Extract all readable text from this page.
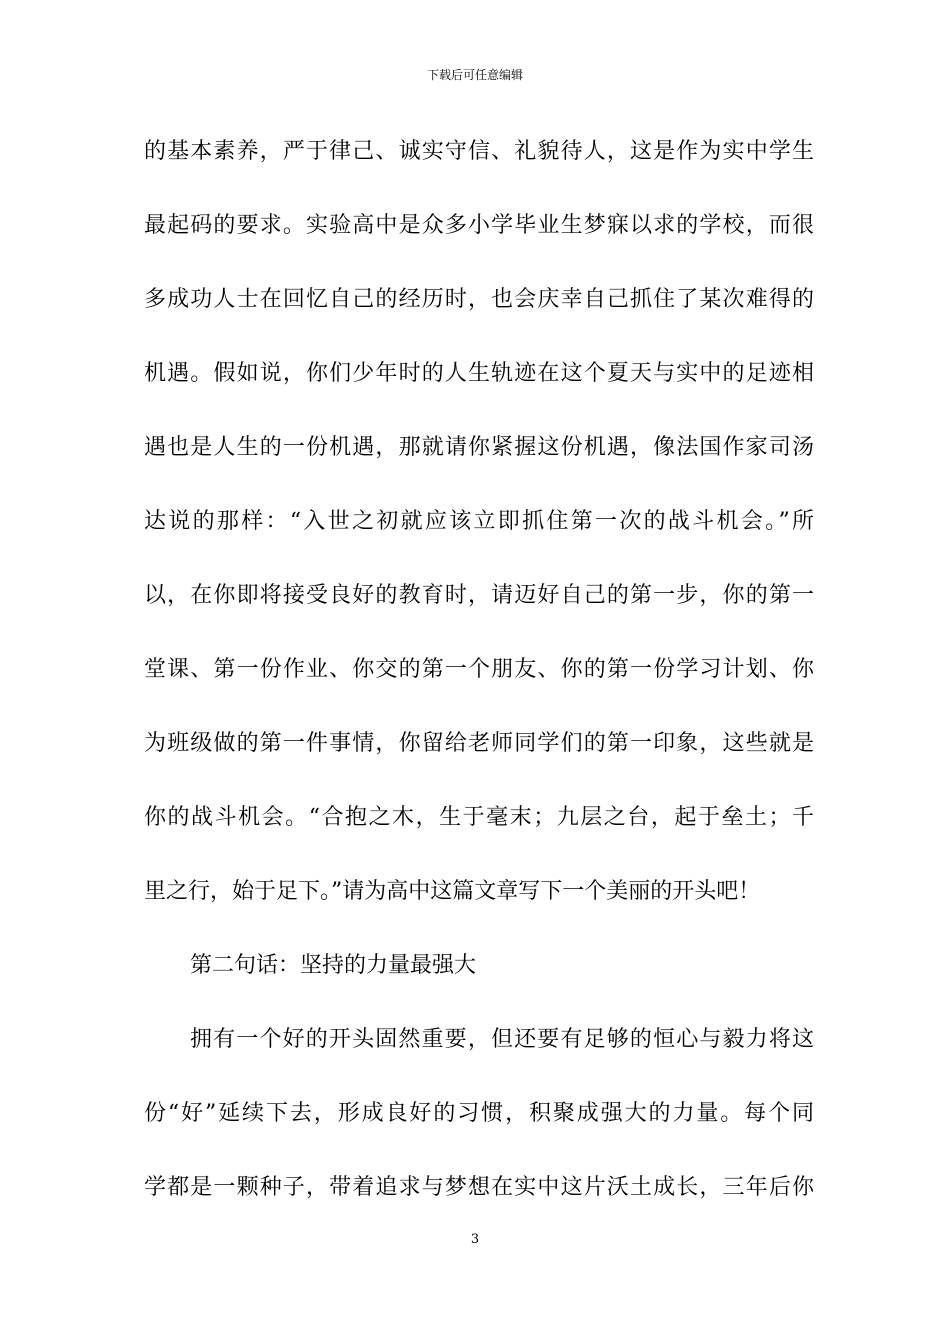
下载后可任意编辑
的基本素养，严于律己、诚实守信、礼貌待人，这是作为实中学生
最起码的要求。实验高中是众多小学毕业生梦寐以求的学校，而很
多成功人士在回忆自己的经历时，也会庆幸自己抓住了某次难得的
机遇。假如说，你们少年时的人生轨迹在这个夏天与实中的足迹相
遇也是人生的一份机遇，那就请你紧握这份机遇，像法国作家司汤
达说的那样：“入世之初就应该立即抓住第一次的战斗机会。”所
以，在你即将接受良好的教育时，请迈好自己的第一步，你的第一
堂课、第一份作业、你交的第一个朋友、你的第一份学习计划、你
为班级做的第一件事情，你留给老师同学们的第一印象，这些就是
你的战斗机会。“合抱之木，生于毫末；九层之台，起于垒土；千
里之行，始于足下。”请为高中这篇文章写下一个美丽的开头吧！
第二句话：坚持的力量最强大
拥有一个好的开头固然重要，但还要有足够的恒心与毅力将这
份“好”延续下去，形成良好的习惯，积聚成强大的力量。每个同
学都是一颗种子，带着追求与梦想在实中这片沃土成长，三年后你
3
